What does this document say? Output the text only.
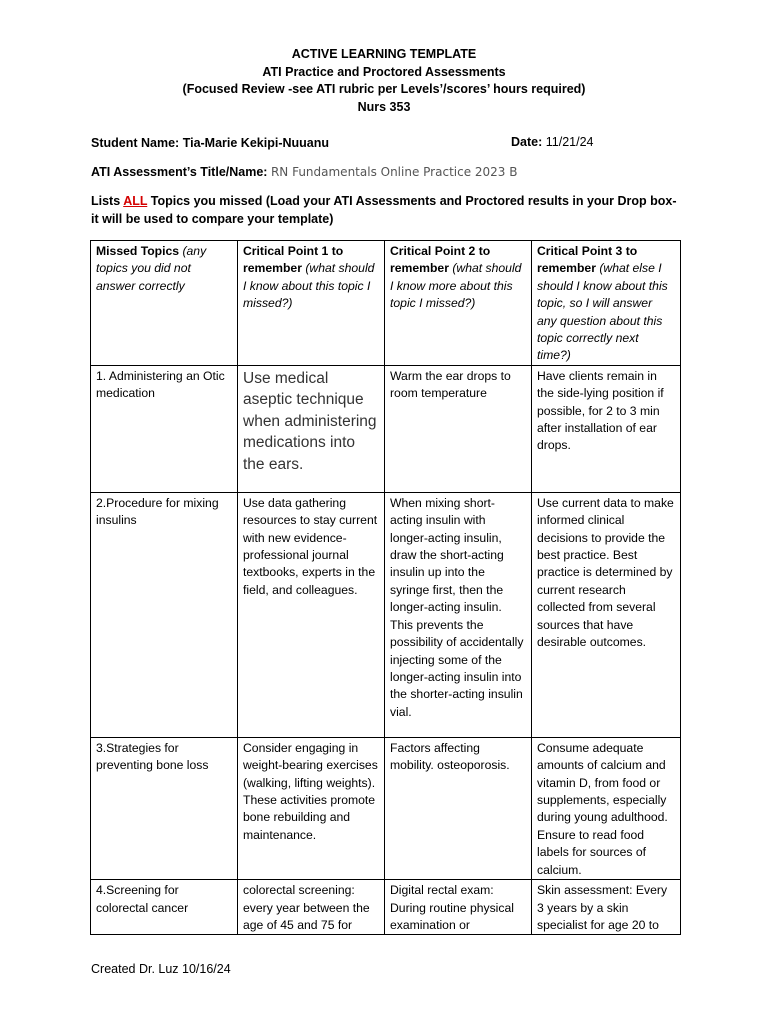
ACTIVE LEARNING TEMPLATE
ATI Practice and Proctored Assessments
(Focused Review -see ATI rubric per Levels’/scores’ hours required)
Nurs 353
Student Name: Tia-Marie Kekipi-Nuuanu	Date: 11/21/24
ATI Assessment’s Title/Name: RN Fundamentals Online Practice 2023 B
Lists ALL Topics you missed (Load your ATI Assessments and Proctored results in your Drop box-it will be used to compare your template)
Missed Topics (any topics you did not answer correctly	Critical Point 1 to remember (what should I know about this topic I missed?)	Critical Point 2 to remember (what should I know more about this topic I missed?)	Critical Point 3 to remember (what else I should I know about this topic, so I will answer any question about this topic correctly next time?)
1. Administering an Otic medication	Use medical aseptic technique when administering medications into the ears.	Warm the ear drops to room temperature	Have clients remain in the side-lying position if possible, for 2 to 3 min after installation of ear drops.
2.Procedure for mixing insulins	Use data gathering resources to stay current with new evidence-professional journal textbooks, experts in the field, and colleagues.	When mixing short-acting insulin with longer-acting insulin, draw the short-acting insulin up into the syringe first, then the longer-acting insulin. This prevents the possibility of accidentally injecting some of the longer-acting insulin into the shorter-acting insulin vial.	Use current data to make informed clinical decisions to provide the best practice. Best practice is determined by current research collected from several sources that have desirable outcomes.
3.Strategies for preventing bone loss	Consider engaging in weight-bearing exercises (walking, lifting weights). These activities promote bone rebuilding and maintenance.	Factors affecting mobility. osteoporosis.	Consume adequate amounts of calcium and vitamin D, from food or supplements, especially during young adulthood. Ensure to read food labels for sources of calcium.
4.Screening for colorectal cancer	colorectal screening: every year between the age of 45 and 75 for	Digital rectal exam: During routine physical examination or	Skin assessment: Every 3 years by a skin specialist for age 20 to
Created Dr. Luz 10/16/24
